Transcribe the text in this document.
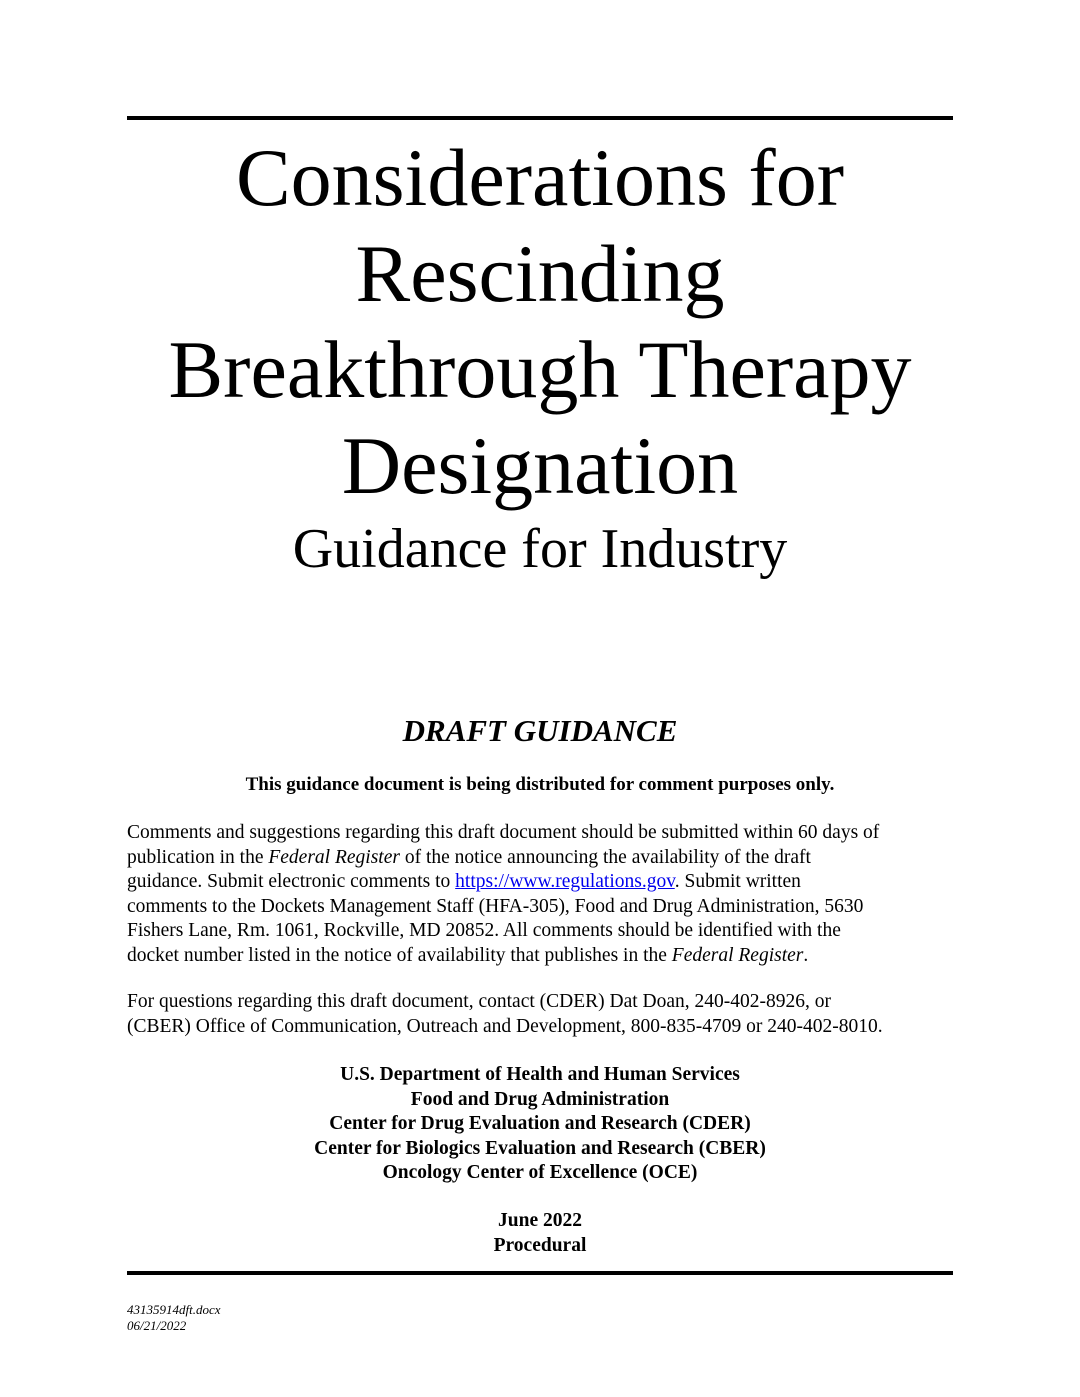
Considerations for
Rescinding
Breakthrough Therapy
Designation
Guidance for Industry
DRAFT GUIDANCE
This guidance document is being distributed for comment purposes only.
Comments and suggestions regarding this draft document should be submitted within 60 days of
publication in the Federal Register of the notice announcing the availability of the draft
guidance. Submit electronic comments to https://www.regulations.gov. Submit written
comments to the Dockets Management Staff (HFA-305), Food and Drug Administration, 5630
Fishers Lane, Rm. 1061, Rockville, MD 20852. All comments should be identified with the
docket number listed in the notice of availability that publishes in the Federal Register.
For questions regarding this draft document, contact (CDER) Dat Doan, 240-402-8926, or
(CBER) Office of Communication, Outreach and Development, 800-835-4709 or 240-402-8010.
U.S. Department of Health and Human Services
Food and Drug Administration
Center for Drug Evaluation and Research (CDER)
Center for Biologics Evaluation and Research (CBER)
Oncology Center of Excellence (OCE)
June 2022
Procedural
43135914dft.docx
06/21/2022
